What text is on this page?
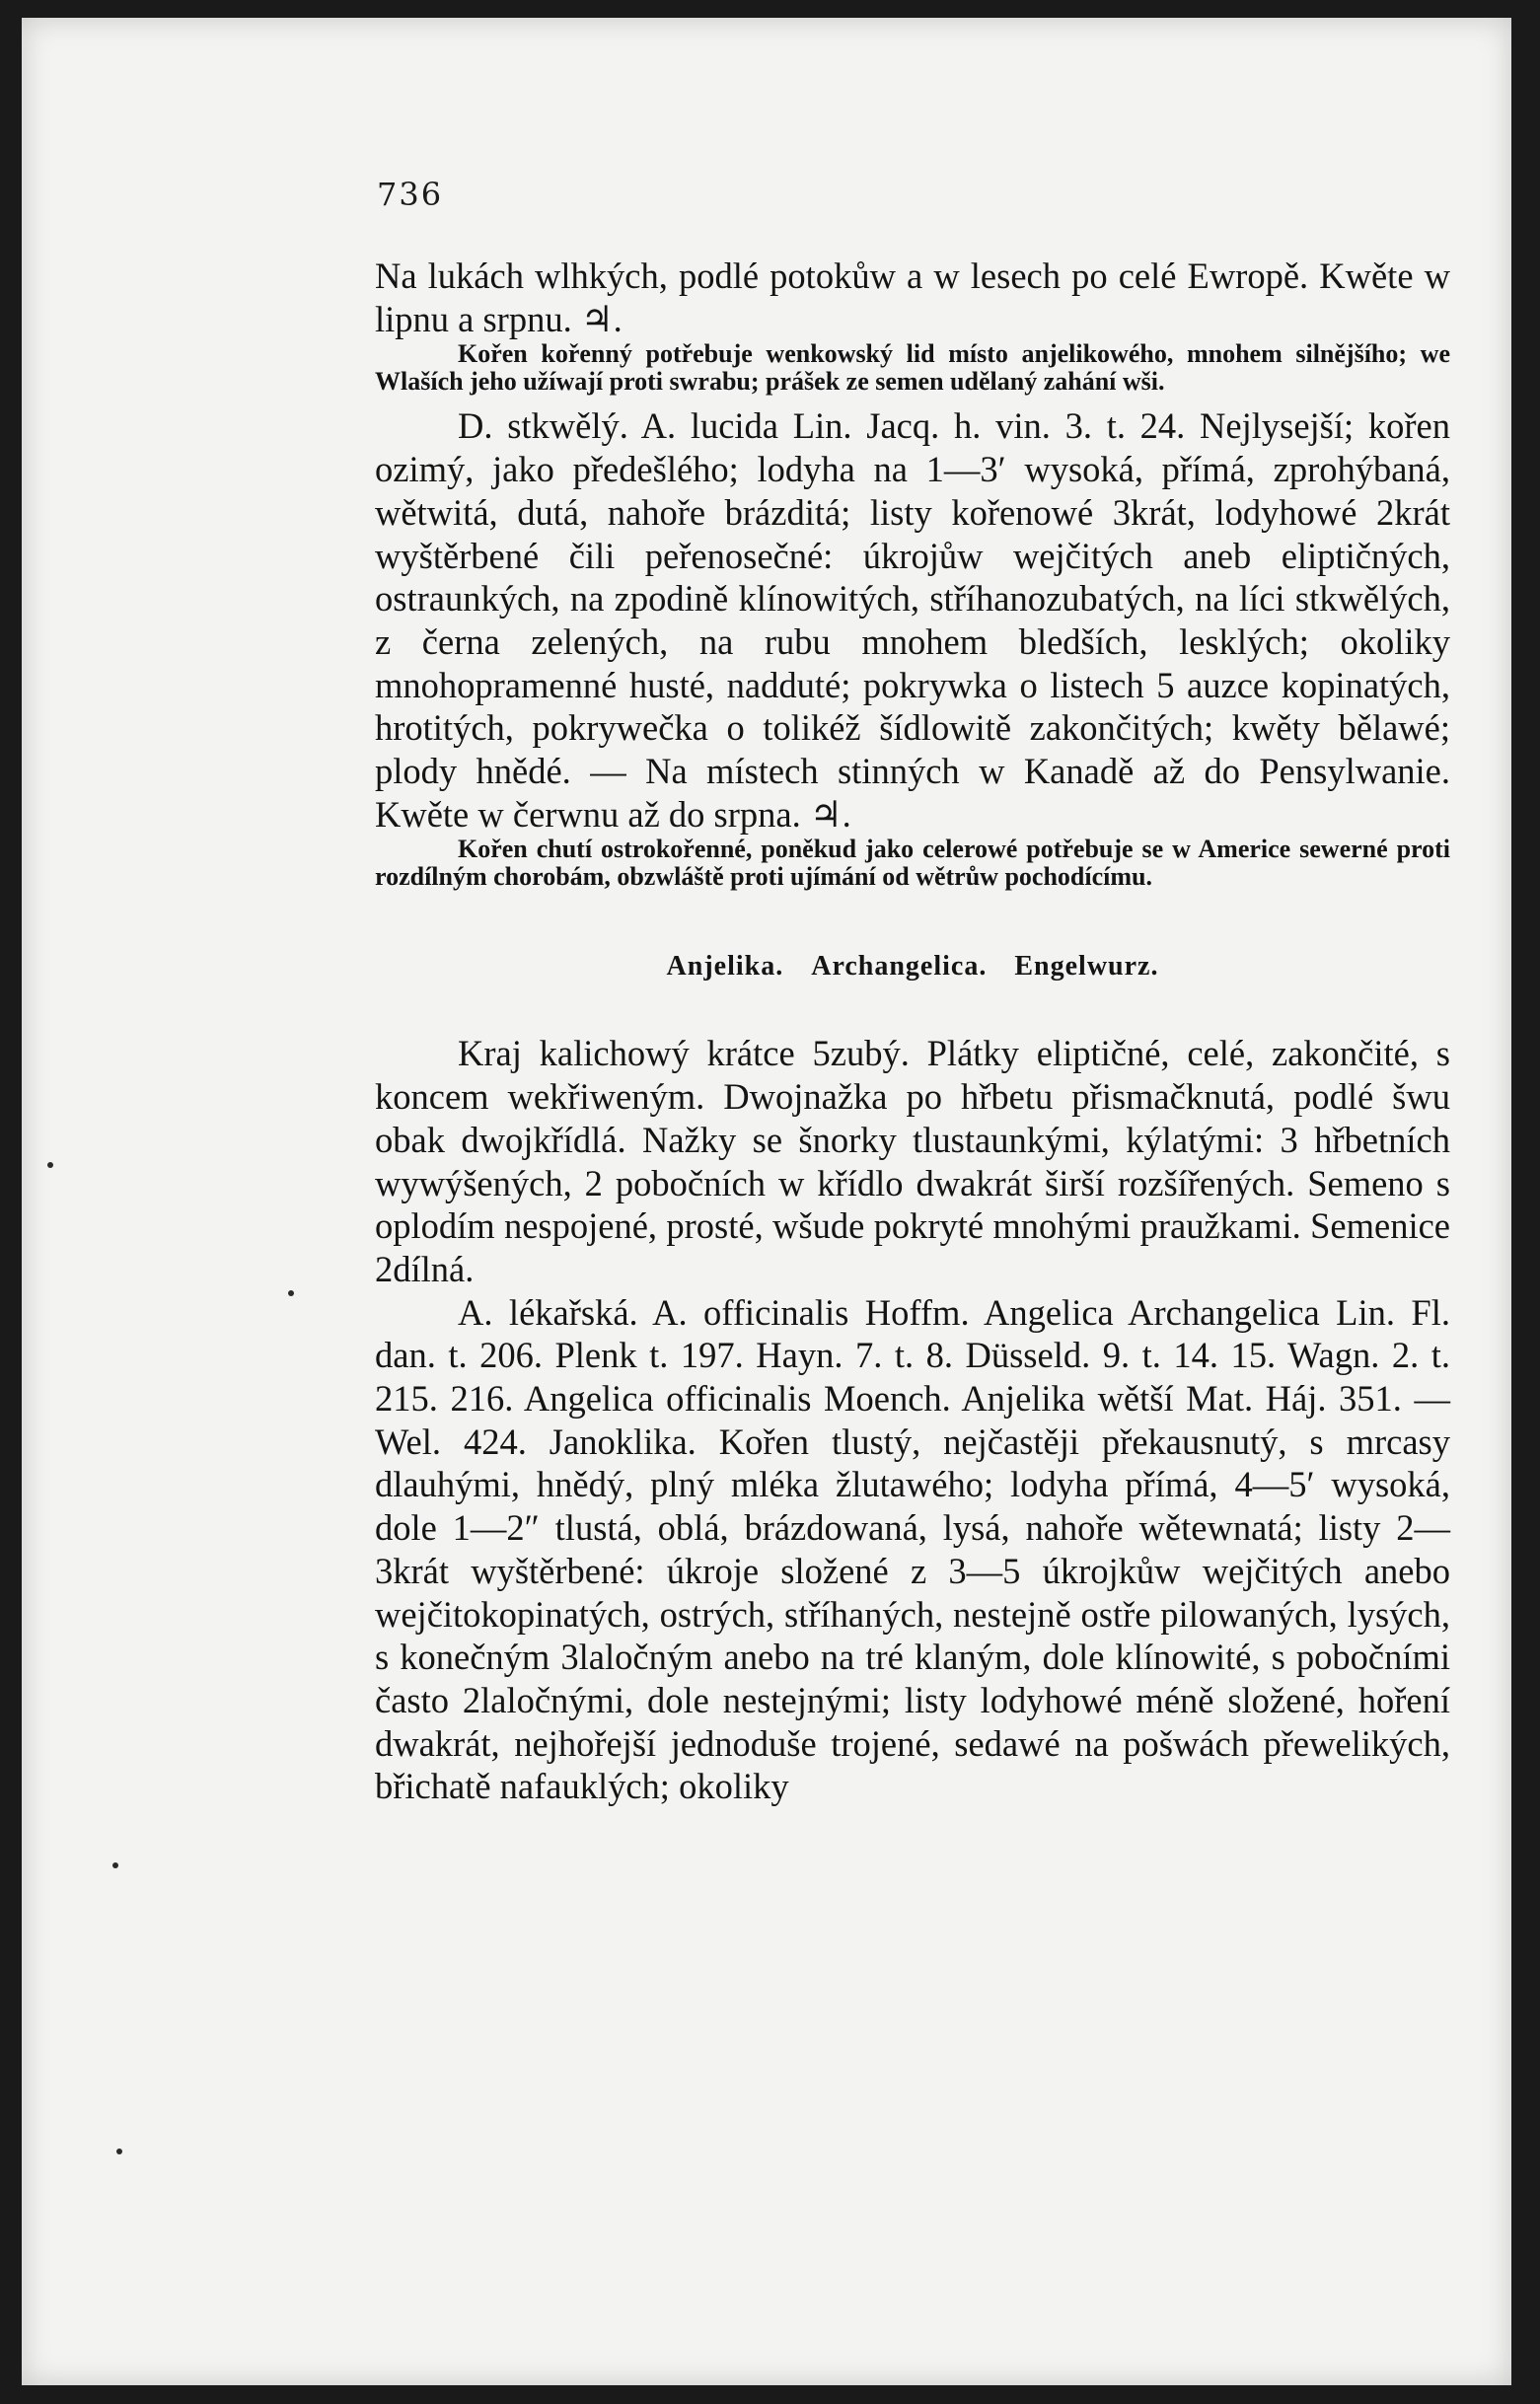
736

Na lukách wlhkých, podlé potokůw a w lesech po celé Ewropě. Kwěte w lipnu a srpnu. ♃.

Kořen kořenný potřebuje wenkowský lid místo anjelikowého, mnohem silnějšího; we Wlaších jeho užíwají proti swrabu; prášek ze semen udělaný zahání wši.

D. stkwělý. A. lucida Lin. Jacq. h. vin. 3. t. 24. Nejlysejší; kořen ozimý, jako předešlého; lodyha na 1—3′ wysoká, přímá, zprohýbaná, wětwitá, dutá, nahoře brázditá; listy kořenowé 3krát, lodyhowé 2krát wyštěrbené čili peřenosečné: úkrojůw wejčitých aneb eliptičných, ostraunkých, na zpodině klínowitých, stříhanozubatých, na líci stkwělých, z černa zelených, na rubu mnohem bledších, lesklých; okoliky mnohopramenné husté, nadduté; pokrywka o listech 5 auzce kopinatých, hrotitých, pokrywečka o tolikéž šídlowitě zakončitých; kwěty bělawé; plody hnědé. — Na místech stinných w Kanadě až do Pensylwanie. Kwěte w čerwnu až do srpna. ♃.

Kořen chutí ostrokořenné, poněkud jako celerowé potřebuje se w Americe sewerné proti rozdílným chorobám, obzwláště proti ujímání od wětrůw pochodícímu.

Anjelika. Archangelica. Engelwurz.

Kraj kalichowý krátce 5zubý. Plátky eliptičné, celé, zakončité, s koncem wekřiweným. Dwojnažka po hřbetu přismačknutá, podlé šwu obak dwojkřídlá. Nažky se šnorky tlustaunkými, kýlatými: 3 hřbetních wywýšených, 2 pobočních w křídlo dwakrát širší rozšířených. Semeno s oplodím nespojené, prosté, wšude pokryté mnohými praužkami. Semenice 2dílná.

A. lékařská. A. officinalis Hoffm. Angelica Archangelica Lin. Fl. dan. t. 206. Plenk t. 197. Hayn. 7. t. 8. Düsseld. 9. t. 14. 15. Wagn. 2. t. 215. 216. Angelica officinalis Moench. Anjelika wětší Mat. Háj. 351. — Wel. 424. Janoklika. Kořen tlustý, nejčastěji překausnutý, s mrcasy dlauhými, hnědý, plný mléka žlutawého; lodyha přímá, 4—5′ wysoká, dole 1—2″ tlustá, oblá, brázdowaná, lysá, nahoře wětewnatá; listy 2—3krát wyštěrbené: úkroje složené z 3—5 úkrojkůw wejčitých anebo wejčitokopinatých, ostrých, stříhaných, nestejně ostře pilowaných, lysých, s konečným 3laločným anebo na tré klaným, dole klínowité, s pobočními často 2laločnými, dole nestejnými; listy lodyhowé méně složené, hoření dwakrát, nejhořejší jednoduše trojené, sedawé na pošwách přewelikých, břichatě nafauklých; okoliky
